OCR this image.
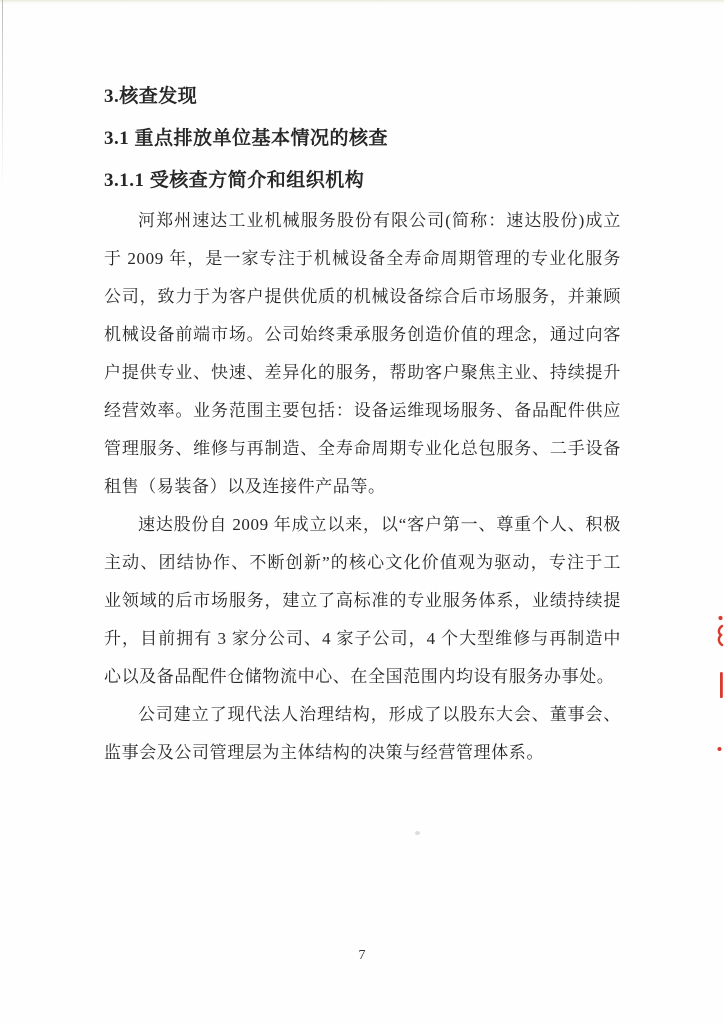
3.核查发现
3.1 重点排放单位基本情况的核查
3.1.1 受核查方简介和组织机构

河郑州速达工业机械服务股份有限公司(简称：速达股份)成立于 2009 年，是一家专注于机械设备全寿命周期管理的专业化服务公司，致力于为客户提供优质的机械设备综合后市场服务，并兼顾机械设备前端市场。公司始终秉承服务创造价值的理念，通过向客户提供专业、快速、差异化的服务，帮助客户聚焦主业、持续提升经营效率。业务范围主要包括：设备运维现场服务、备品配件供应管理服务、维修与再制造、全寿命周期专业化总包服务、二手设备租售（易装备）以及连接件产品等。

速达股份自 2009 年成立以来，以“客户第一、尊重个人、积极主动、团结协作、不断创新”的核心文化价值观为驱动，专注于工业领域的后市场服务，建立了高标准的专业服务体系，业绩持续提升，目前拥有 3 家分公司、4 家子公司，4 个大型维修与再制造中心以及备品配件仓储物流中心、在全国范围内均设有服务办事处。

公司建立了现代法人治理结构，形成了以股东大会、董事会、监事会及公司管理层为主体结构的决策与经营管理体系。

7
